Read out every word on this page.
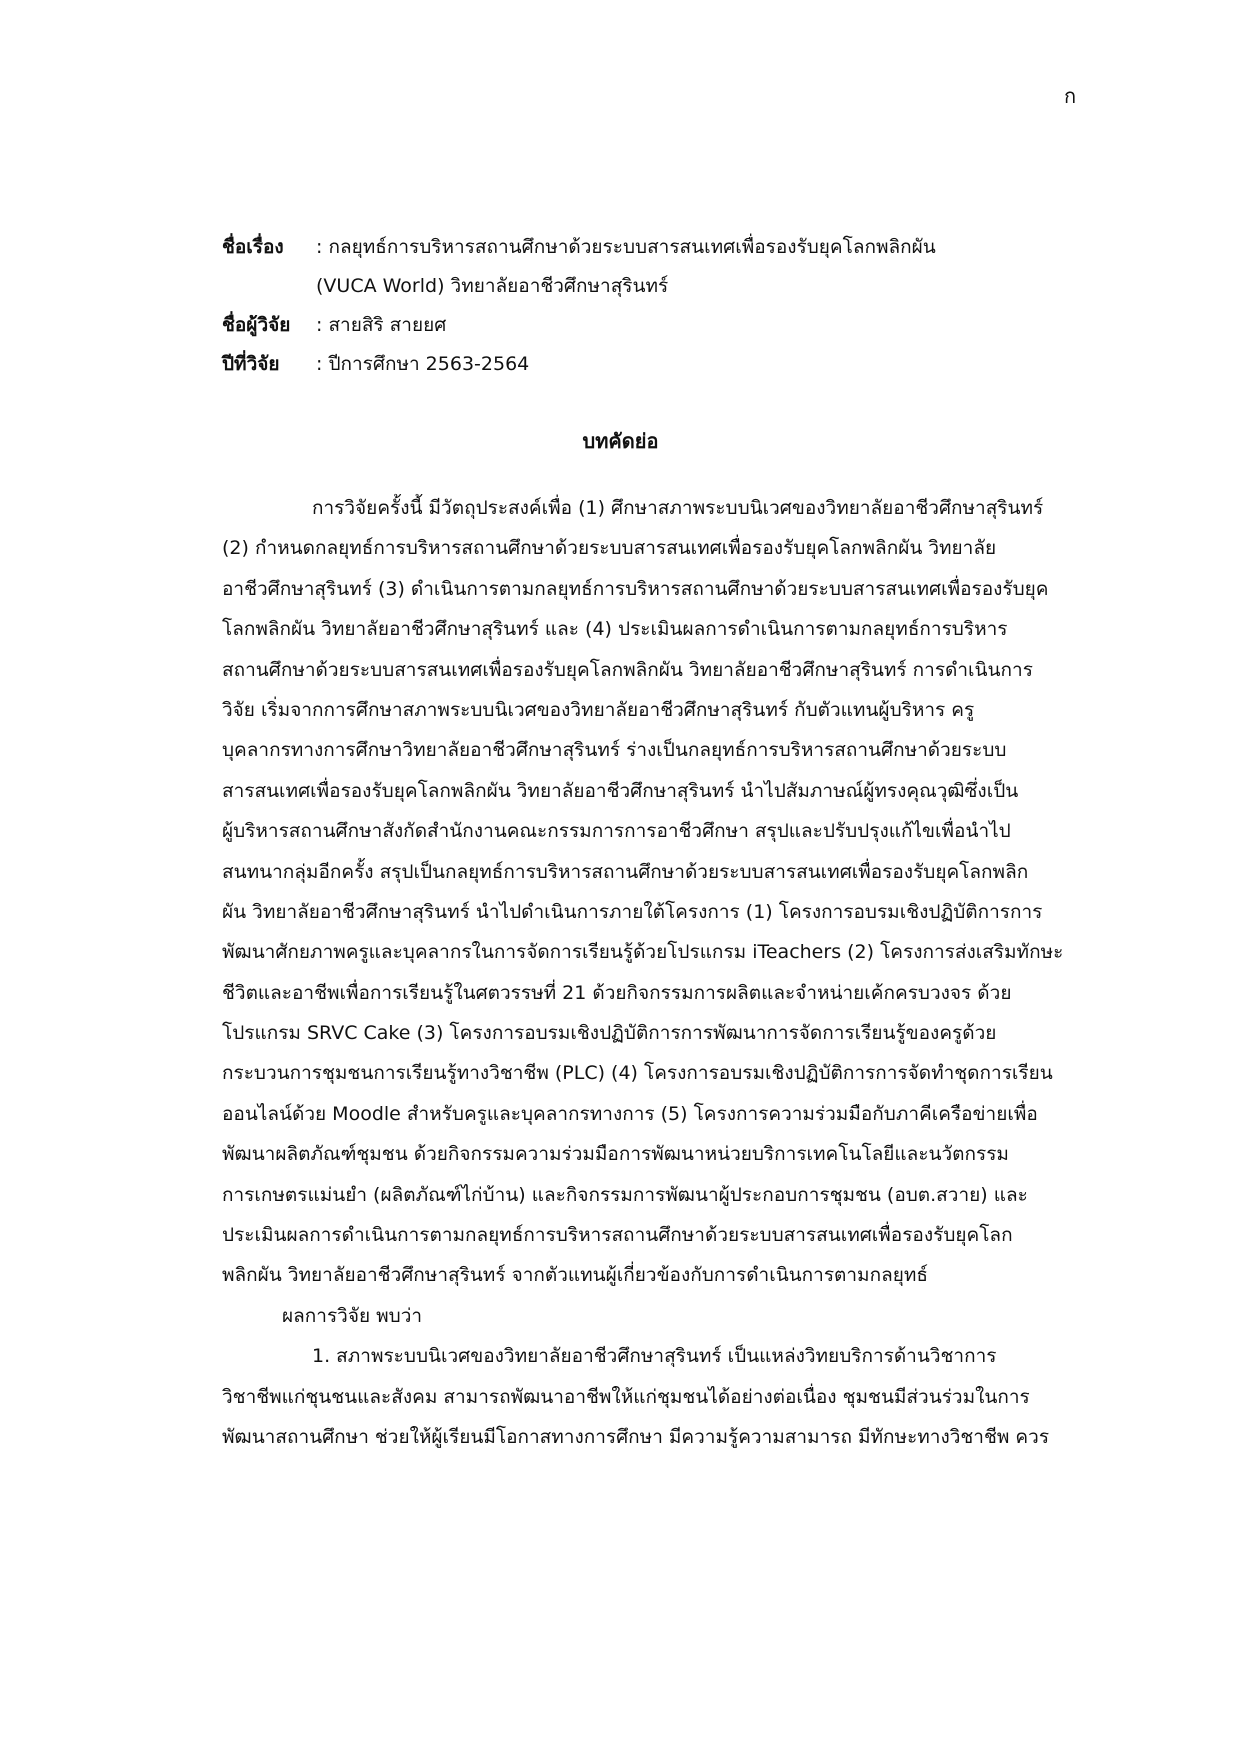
ก
ชื่อเรื่อง	: กลยุทธ์การบริหารสถานศึกษาด้วยระบบสารสนเทศเพื่อรองรับยุคโลกพลิกผัน
(VUCA World) วิทยาลัยอาชีวศึกษาสุรินทร์
ชื่อผู้วิจัย	: สายสิริ สายยศ
ปีที่วิจัย	: ปีการศึกษา 2563-2564
บทคัดย่อ
การวิจัยครั้งนี้ มีวัตถุประสงค์เพื่อ (1) ศึกษาสภาพระบบนิเวศของวิทยาลัยอาชีวศึกษาสุรินทร์
(2) กำหนดกลยุทธ์การบริหารสถานศึกษาด้วยระบบสารสนเทศเพื่อรองรับยุคโลกพลิกผัน วิทยาลัย
อาชีวศึกษาสุรินทร์ (3) ดำเนินการตามกลยุทธ์การบริหารสถานศึกษาด้วยระบบสารสนเทศเพื่อรองรับยุค
โลกพลิกผัน วิทยาลัยอาชีวศึกษาสุรินทร์ และ (4) ประเมินผลการดำเนินการตามกลยุทธ์การบริหาร
สถานศึกษาด้วยระบบสารสนเทศเพื่อรองรับยุคโลกพลิกผัน วิทยาลัยอาชีวศึกษาสุรินทร์ การดำเนินการ
วิจัย เริ่มจากการศึกษาสภาพระบบนิเวศของวิทยาลัยอาชีวศึกษาสุรินทร์ กับตัวแทนผู้บริหาร ครู
บุคลากรทางการศึกษาวิทยาลัยอาชีวศึกษาสุรินทร์ ร่างเป็นกลยุทธ์การบริหารสถานศึกษาด้วยระบบ
สารสนเทศเพื่อรองรับยุคโลกพลิกผัน วิทยาลัยอาชีวศึกษาสุรินทร์ นำไปสัมภาษณ์ผู้ทรงคุณวุฒิซึ่งเป็น
ผู้บริหารสถานศึกษาสังกัดสำนักงานคณะกรรมการการอาชีวศึกษา สรุปและปรับปรุงแก้ไขเพื่อนำไป
สนทนากลุ่มอีกครั้ง สรุปเป็นกลยุทธ์การบริหารสถานศึกษาด้วยระบบสารสนเทศเพื่อรองรับยุคโลกพลิก
ผัน วิทยาลัยอาชีวศึกษาสุรินทร์ นำไปดำเนินการภายใต้โครงการ (1) โครงการอบรมเชิงปฏิบัติการการ
พัฒนาศักยภาพครูและบุคลากรในการจัดการเรียนรู้ด้วยโปรแกรม iTeachers (2) โครงการส่งเสริมทักษะ
ชีวิตและอาชีพเพื่อการเรียนรู้ในศตวรรษที่ 21 ด้วยกิจกรรมการผลิตและจำหน่ายเค้กครบวงจร ด้วย
โปรแกรม SRVC Cake (3) โครงการอบรมเชิงปฏิบัติการการพัฒนาการจัดการเรียนรู้ของครูด้วย
กระบวนการชุมชนการเรียนรู้ทางวิชาชีพ (PLC) (4) โครงการอบรมเชิงปฏิบัติการการจัดทำชุดการเรียน
ออนไลน์ด้วย Moodle สำหรับครูและบุคลากรทางการ (5) โครงการความร่วมมือกับภาคีเครือข่ายเพื่อ
พัฒนาผลิตภัณฑ์ชุมชน ด้วยกิจกรรมความร่วมมือการพัฒนาหน่วยบริการเทคโนโลยีและนวัตกรรม
การเกษตรแม่นยำ (ผลิตภัณฑ์ไก่บ้าน) และกิจกรรมการพัฒนาผู้ประกอบการชุมชน (อบต.สวาย) และ
ประเมินผลการดำเนินการตามกลยุทธ์การบริหารสถานศึกษาด้วยระบบสารสนเทศเพื่อรองรับยุคโลก
พลิกผัน วิทยาลัยอาชีวศึกษาสุรินทร์ จากตัวแทนผู้เกี่ยวข้องกับการดำเนินการตามกลยุทธ์
ผลการวิจัย พบว่า
1. สภาพระบบนิเวศของวิทยาลัยอาชีวศึกษาสุรินทร์ เป็นแหล่งวิทยบริการด้านวิชาการ
วิชาชีพแก่ชุนชนและสังคม สามารถพัฒนาอาชีพให้แก่ชุมชนได้อย่างต่อเนื่อง ชุมชนมีส่วนร่วมในการ
พัฒนาสถานศึกษา ช่วยให้ผู้เรียนมีโอกาสทางการศึกษา มีความรู้ความสามารถ มีทักษะทางวิชาชีพ ควร
